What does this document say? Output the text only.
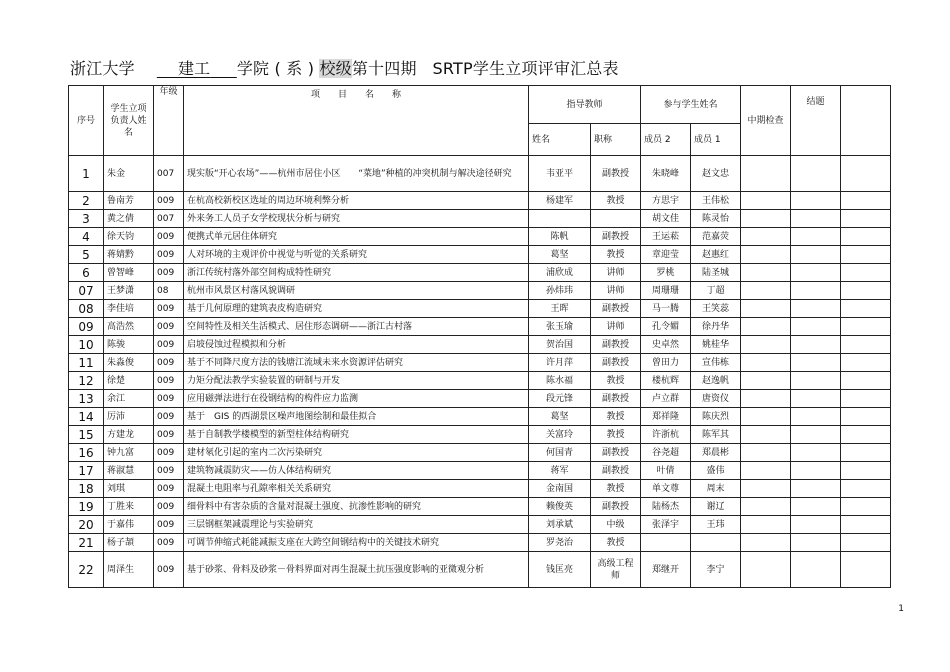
浙江大学	建工 学院 ( 系 ) 校级第十四期 SRTP学生立项评审汇总表
序号	学生立项负责人姓名	年级	项　　目　　名　　称	指导教师		参与学生姓名		中期检查	结题	
				姓名	职称	成员 2	成员 1			
1	朱金	007	现实版“开心农场”——杭州市居住小区　　“菜地”种植的冲突机制与解决途径研究	韦亚平	副教授	朱晓峰	赵文忠			
2	鲁南芳	009	在杭高校新校区选址的周边环境利弊分析	杨建军	教授	方思宇	王伟松			
3	黄之倩	007	外来务工人员子女学校现状分析与研究			胡文佳	陈灵怡			
4	徐天钧	009	便携式单元居住体研究	陈帆	副教授	王运菘	范嘉荧			
5	蒋婧黔	009	人对环境的主观评价中视觉与听觉的关系研究	葛坚	教授	章迎莹	赵惠红			
6	曾智峰	009	浙江传统村落外部空间构成特性研究	浦欣成	讲师	罗桃	陆圣城			
07	王梦潇	08	杭州市风景区村落风貌调研	孙炜玮	讲师	周珊珊	丁超			
08	李佳培	009	基于几何原理的建筑表皮构造研究	王晖	副教授	马一腾	王笑蕊			
09	高浩然	009	空间特性及相关生活模式、居住形态调研——浙江古村落	张玉瑜	讲师	孔令媚	徐丹华			
10	陈骏	009	启坡侵蚀过程模拟和分析	贺治国	副教授	史卓然	姚桂华			
11	朱淼俊	009	基于不同降尺度方法的钱塘江流域未来水资源评估研究	许月萍	副教授	曾田力	宣伟栋			
12	徐楚	009	力矩分配法教学实验装置的研制与开发	陈水福	教授	楼杭辉	赵逸帆			
13	余江	009	应用磁弹法进行在役钢结构的构件应力监测	段元锋	副教授	卢立群	唐资仪			
14	厉沛	009	基于　GIS 的西湖景区噪声地图绘制和最佳拟合	葛坚	教授	郑祥隆	陈庆烈			
15	方建龙	009	基于自制教学楼模型的新型柱体结构研究	关富玲	教授	许浙杭	陈军其			
16	钟九富	009	建材氡化引起的室内二次污染研究	何国青	副教授	谷尧超	郑晨彬			
17	蒋淑慧	009	建筑物减震防灾——仿人体结构研究	蒋军	副教授	叶倩	盛伟			
18	刘琪	009	混凝土电阻率与孔隙率相关关系研究	金南国	教授	单文尊	周末			
19	丁胜来	009	细骨料中有害杂质的含量对混凝土强度、抗渗性影响的研究	赖俊英	副教授	陆杨杰	谢辽			
20	于嘉伟	009	三层钢框架减震理论与实验研究	刘承斌	中级	张泽宇	王玮			
21	杨子頡	009	可调节伸缩式耗能减振支座在大跨空间钢结构中的关键技术研究	罗尧治	教授					
22	周泽生	009	基于砂浆、骨料及砂浆－骨料界面对再生混凝土抗压强度影响的亚微观分析	钱匡亮	高级工程师	郑继开	李宁			
1
